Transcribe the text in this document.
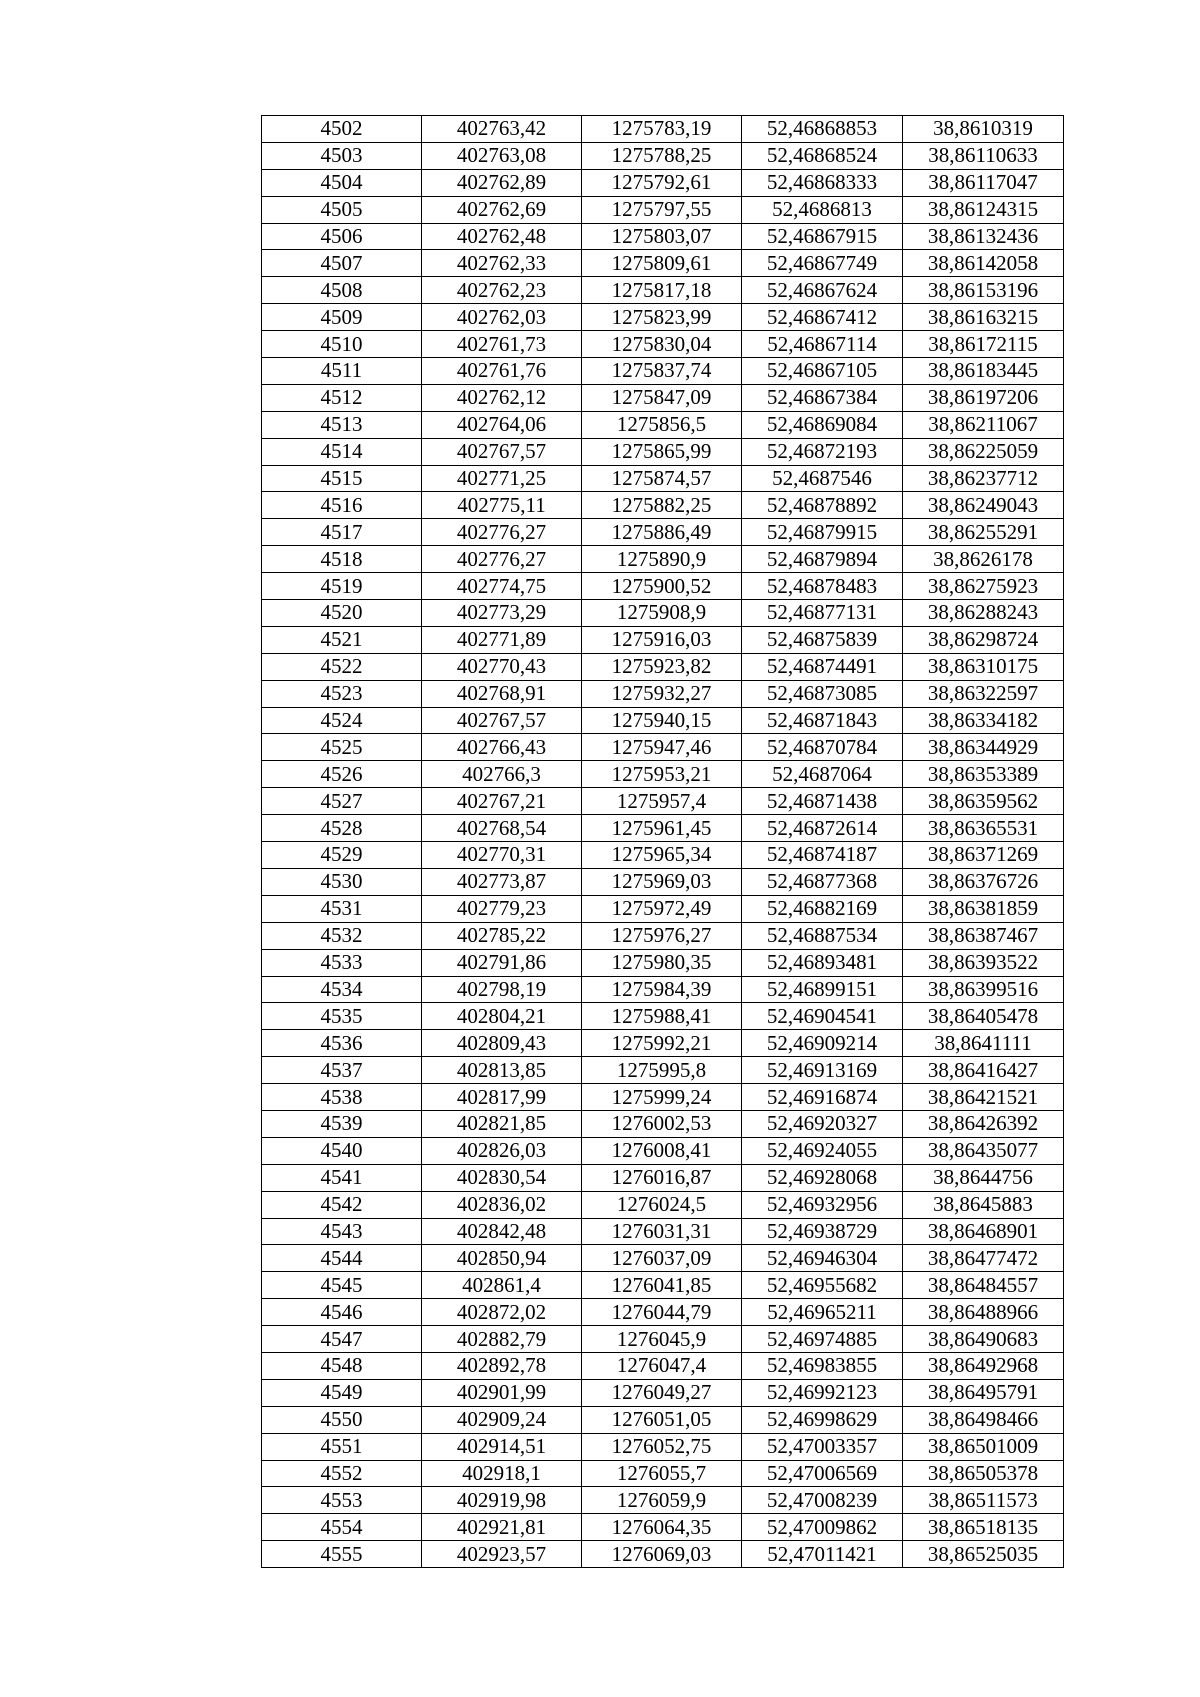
4502	402763,42	1275783,19	52,46868853	38,8610319
4503	402763,08	1275788,25	52,46868524	38,86110633
4504	402762,89	1275792,61	52,46868333	38,86117047
4505	402762,69	1275797,55	52,4686813	38,86124315
4506	402762,48	1275803,07	52,46867915	38,86132436
4507	402762,33	1275809,61	52,46867749	38,86142058
4508	402762,23	1275817,18	52,46867624	38,86153196
4509	402762,03	1275823,99	52,46867412	38,86163215
4510	402761,73	1275830,04	52,46867114	38,86172115
4511	402761,76	1275837,74	52,46867105	38,86183445
4512	402762,12	1275847,09	52,46867384	38,86197206
4513	402764,06	1275856,5	52,46869084	38,86211067
4514	402767,57	1275865,99	52,46872193	38,86225059
4515	402771,25	1275874,57	52,4687546	38,86237712
4516	402775,11	1275882,25	52,46878892	38,86249043
4517	402776,27	1275886,49	52,46879915	38,86255291
4518	402776,27	1275890,9	52,46879894	38,8626178
4519	402774,75	1275900,52	52,46878483	38,86275923
4520	402773,29	1275908,9	52,46877131	38,86288243
4521	402771,89	1275916,03	52,46875839	38,86298724
4522	402770,43	1275923,82	52,46874491	38,86310175
4523	402768,91	1275932,27	52,46873085	38,86322597
4524	402767,57	1275940,15	52,46871843	38,86334182
4525	402766,43	1275947,46	52,46870784	38,86344929
4526	402766,3	1275953,21	52,4687064	38,86353389
4527	402767,21	1275957,4	52,46871438	38,86359562
4528	402768,54	1275961,45	52,46872614	38,86365531
4529	402770,31	1275965,34	52,46874187	38,86371269
4530	402773,87	1275969,03	52,46877368	38,86376726
4531	402779,23	1275972,49	52,46882169	38,86381859
4532	402785,22	1275976,27	52,46887534	38,86387467
4533	402791,86	1275980,35	52,46893481	38,86393522
4534	402798,19	1275984,39	52,46899151	38,86399516
4535	402804,21	1275988,41	52,46904541	38,86405478
4536	402809,43	1275992,21	52,46909214	38,8641111
4537	402813,85	1275995,8	52,46913169	38,86416427
4538	402817,99	1275999,24	52,46916874	38,86421521
4539	402821,85	1276002,53	52,46920327	38,86426392
4540	402826,03	1276008,41	52,46924055	38,86435077
4541	402830,54	1276016,87	52,46928068	38,8644756
4542	402836,02	1276024,5	52,46932956	38,8645883
4543	402842,48	1276031,31	52,46938729	38,86468901
4544	402850,94	1276037,09	52,46946304	38,86477472
4545	402861,4	1276041,85	52,46955682	38,86484557
4546	402872,02	1276044,79	52,46965211	38,86488966
4547	402882,79	1276045,9	52,46974885	38,86490683
4548	402892,78	1276047,4	52,46983855	38,86492968
4549	402901,99	1276049,27	52,46992123	38,86495791
4550	402909,24	1276051,05	52,46998629	38,86498466
4551	402914,51	1276052,75	52,47003357	38,86501009
4552	402918,1	1276055,7	52,47006569	38,86505378
4553	402919,98	1276059,9	52,47008239	38,86511573
4554	402921,81	1276064,35	52,47009862	38,86518135
4555	402923,57	1276069,03	52,47011421	38,86525035
